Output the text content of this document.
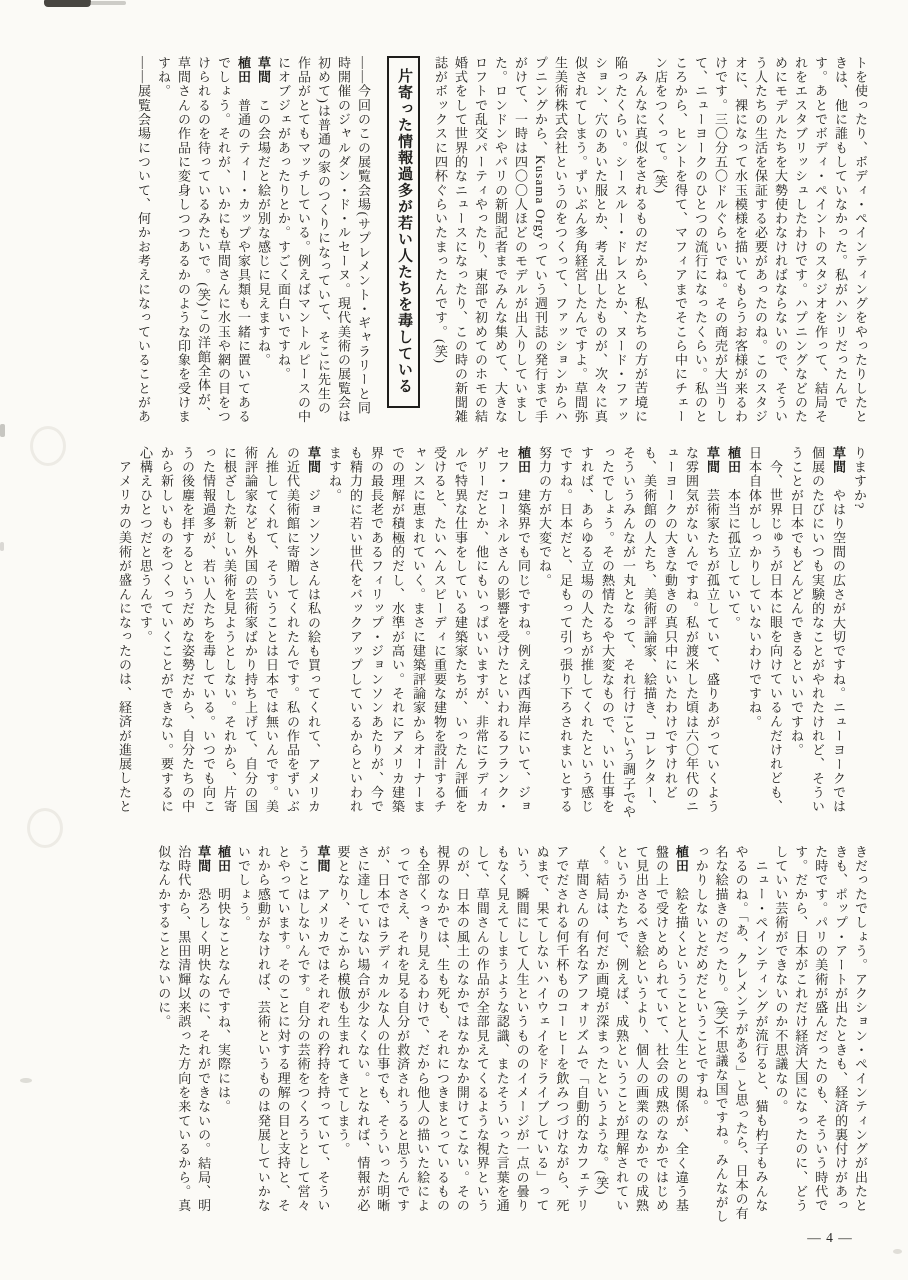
トを使ったり、ボディ・ペインティングをやったりしたときは、他に誰もしていなかった。私がハシリだったんです。あとでボディ・ペイントのスタジオを作って、結局それをエスタブリッシュしたわけです。ハプニングなどのためにモデルたちを大勢使わなければならないので、そういう人たちの生活を保証する必要があったのね。このスタジオに、裸になって水玉模様を描いてもらうお客様が来るわけです。三〇分五〇ドルぐらいでね。その商売が大当りして、ニューヨークのひとつの流行になったくらい。私のところから、ヒントを得て、マフィアまでそこら中にチェーン店をつくって。(笑)

みんなに真似をされるものだから、私たちの方が苦境に陥ったくらい。シースルー・ドレスとか、ヌード・ファッション、穴のあいた服とか、考え出したものが、次々に真似されてしまう。ずいぶん多角経営したんですよ。草間弥生美術株式会社というのをつくって、ファッションからハプニングから、Kusama Orgyっていう週刊誌の発行まで手がけて、一時は四〇〇人ほどのモデルが出入りしていました。ロンドンやパリの新聞記者までみんな集めて、大きなロフトで乱交パーティやったり、東部で初めてのホモの結婚式をして世界的なニュースになったり、この時の新聞雑誌がボックスに四杯ぐらいたまったんです。(笑)

片寄った情報過多が若い人たちを毒している

――今回のこの展覧会場(サプレメント・ギャラリーと同時開催のジャルダン・ド・ルセーヌ。現代美術の展覧会は初めて)は普通の家のつくりになっていて、そこに先生の作品がとてもマッチしている。例えばマントルピースの中にオブジェがあったりとか。すごく面白いですね。

草間　この会場だと絵が別な感じに見えますね。

植田　普通のティー・カップや家具類も一緒に置いてあるでしょう。それが、いかにも草間さんに水玉や網の目をつけられるのを待っているみたいで。(笑)この洋館全体が、草間さんの作品に変身しつつあるかのような印象を受けますね。

――展覧会場について、何かお考えになっていることがあ

りますか?

草間　やはり空間の広さが大切ですね。ニューヨークでは個展のたびにいつも実験的なことがやれたけれど、そういうことが日本でもどんどんできるといいですね。

今、世界じゅうが日本に眼を向けているんだけれども、日本自体がしっかりしていないわけですね。

植田　本当に孤立していて。

草間　芸術家たちが孤立していて、盛りあがっていくような雰囲気がないんですね。私が渡米した頃は六〇年代のニューヨークの大きな動きの真只中にいたわけですけれども、美術館の人たち、美術評論家、絵描き、コレクター、そういうみんなが一丸となって、それ行け!という調子でやったでしょう。その熱情たるや大変なもので、いい仕事をすれば、あらゆる立場の人たちが推してくれたという感じですね。日本だと、足もって引っ張り下ろされまいとする努力の方が大変でね。

植田　建築界でも同じですね。例えば西海岸にいて、ジョセフ・コーネルさんの影響を受けたといわれるフランク・ゲリーだとか、他にもいっぱいいますが、非常にラディカルで特異な仕事をしている建築家たちが、いったん評価を受けると、たいへんスピーディに重要な建物を設計するチャンスに恵まれていく。まさに建築評論家からオーナーまでの理解が積極的だし、水準が高い。それにアメリカ建築界の最長老であるフィリップ・ジョンソンあたりが、今でも精力的に若い世代をバックアップしているからといわれますね。

草間　ジョンソンさんは私の絵も買ってくれて、アメリカの近代美術館に寄贈してくれたんです。私の作品をずいぶん推してくれて、そういうことは日本では無いんです。美術評論家なども外国の芸術家ばかり持ち上げて、自分の国に根ざした新しい美術を見ようとしない。それから、片寄った情報過多が、若い人たちを毒している。いつでも向こうの後塵を拝するというだめな姿勢だから、自分たちの中から新しいものをつくっていくことができない。要するに心構えひとつだと思うんです。

アメリカの美術が盛んになったのは、経済が進展したと

きだったでしょう。アクション・ペインティングが出たときも、ポップ・アートが出たときも、経済的裏付けがあった時です。パリの美術が盛んだったのも、そういう時代です。だから、日本がこれだけ経済大国になったのに、どうしていい芸術ができないのか不思議なの。

ニュー・ペインティングが流行ると、猫も杓子もみんなやるのね。「あ、クレメンテがある」と思ったら、日本の有名な絵描きのだったり。(笑)不思議な国ですね。みんながしっかりしないとだめだということですね。

植田　絵を描くということと人生との関係が、全く違う基盤の上で受けとめられていて、社会の成熟のなかではじめて見出さるべき絵というより、個人の画業のなかでの成熟というかたちで、例えば、成熟ということが理解されていく。結局は、何だか画境が深まったというような。(笑)

草間さんの有名なアフォリズムで「自動的なカフェテリアでだされる何千杯ものコーヒーを飲みつづけながら、死ぬまで、果てしないハイウェイをドライブしている」っていう、瞬間にして人生というもののイメージが一点の曇りもなく見えてしまうような認識、またそういった言葉を通して、草間さんの作品が全部見えてくるような視界というのが、日本の風土のなかではなかなか開けてこない。その視界のなかでは、生も死も、それにつきまとっているものも全部くっきり見えるわけで、だから他人の描いた絵によってでさえ、それを見る自分が救済されうると思うんですが、日本ではラディカルな人の仕事でも、そういった明晰さに達していない場合が少なくない。となれば、情報が必要となり、そこから模倣も生まれてきてしまう。

草間　アメリカではそれぞれの矜持を持っていて、そういうことはしないんです。自分の芸術をつくろうとして営々とやっています。そのことに対する理解の目と支持と、それから感動がなければ、芸術というものは発展していかないでしょう。

植田　明快なことなんですね、実際には。

草間　恐ろしく明快なのに、それができないの。結局、明治時代から、黒田清輝以来誤った方向を来ているから。真似なんかすることないのに。

— 4 —
